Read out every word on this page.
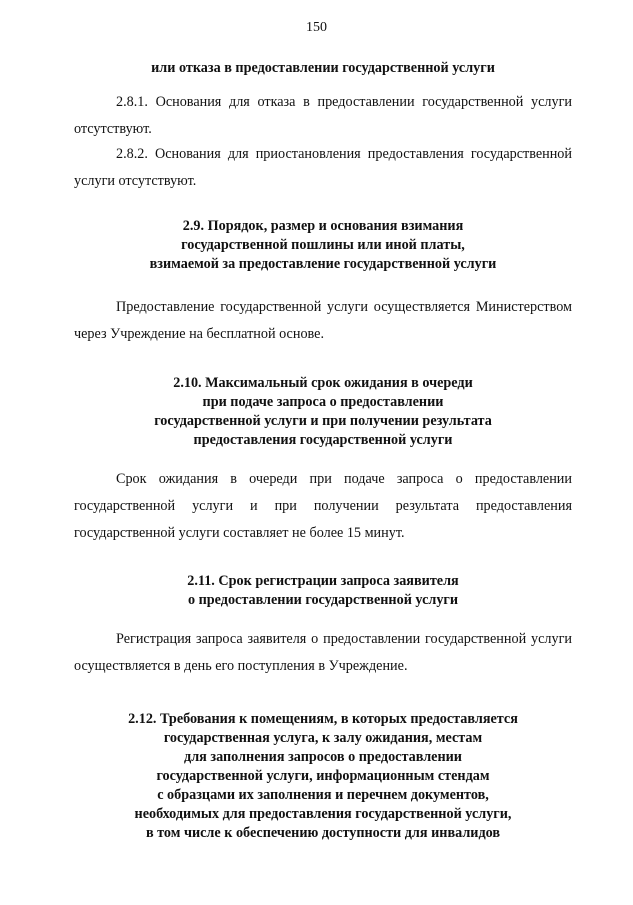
150
или отказа в предоставлении государственной услуги

2.8.1. Основания для отказа в предоставлении государственной услуги отсутствуют.

2.8.2. Основания для приостановления предоставления государственной услуги отсутствуют.

2.9. Порядок, размер и основания взимания
государственной пошлины или иной платы,
взимаемой за предоставление государственной услуги

Предоставление государственной услуги осуществляется Министерством через Учреждение на бесплатной основе.

2.10. Максимальный срок ожидания в очереди
при подаче запроса о предоставлении
государственной услуги и при получении результата
предоставления государственной услуги

Срок ожидания в очереди при подаче запроса о предоставлении государственной услуги и при получении результата предоставления государственной услуги составляет не более 15 минут.

2.11. Срок регистрации запроса заявителя
о предоставлении государственной услуги

Регистрация запроса заявителя о предоставлении государственной услуги осуществляется в день его поступления в Учреждение.

2.12. Требования к помещениям, в которых предоставляется
государственная услуга, к залу ожидания, местам
для заполнения запросов о предоставлении
государственной услуги, информационным стендам
с образцами их заполнения и перечнем документов,
необходимых для предоставления государственной услуги,
в том числе к обеспечению доступности для инвалидов
